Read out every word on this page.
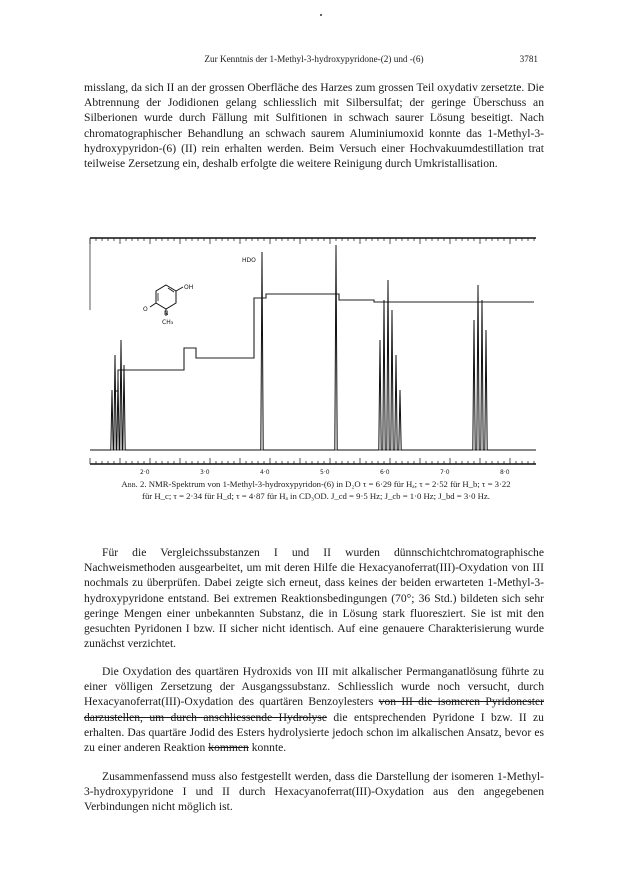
Zur Kenntnis der 1-Methyl-3-hydroxypyridone-(2) und -(6)	3781

misslang, da sich II an der grossen Oberfläche des Harzes zum grossen Teil oxydativ zersetzte. Die Abtrennung der Jodidionen gelang schliesslich mit Silbersulfat; der geringe Überschuss an Silberionen wurde durch Fällung mit Sulfitionen in schwach saurer Lösung beseitigt. Nach chromatographischer Behandlung an schwach saurem Aluminiumoxid konnte das 1-Methyl-3-hydroxypyridon-(6) (II) rein erhalten werden. Beim Versuch einer Hochvakuumdestillation trat teilweise Zersetzung ein, deshalb erfolgte die weitere Reinigung durch Umkristallisation.

OH
CH₃
N
O
HDO
2·0	3·0	4·0	5·0	6·0	7·0	8·0
Abb. 2. NMR-Spektrum von 1-Methyl-3-hydroxypyridon-(6) in D₂O τ = 6·29 für Hₐ; τ = 2·52 für H_b; τ = 3·22 für H_c; τ = 2·34 für H_d; τ = 4·87 für Hₐ in CD₃OD. J_cd = 9·5 Hz; J_cb = 1·0 Hz; J_bd = 3·0 Hz.

Für die Vergleichssubstanzen I und II wurden dünnschichtchromatographische Nachweismethoden ausgearbeitet, um mit deren Hilfe die Hexacyanoferrat(III)-Oxydation von III nochmals zu überprüfen. Dabei zeigte sich erneut, dass keines der beiden erwarteten 1-Methyl-3-hydroxypyridone entstand. Bei extremen Reaktionsbedingungen (70°; 36 Std.) bildeten sich sehr geringe Mengen einer unbekannten Substanz, die in Lösung stark fluoresziert. Sie ist mit den gesuchten Pyridonen I bzw. II sicher nicht identisch. Auf eine genauere Charakterisierung wurde zunächst verzichtet.

Die Oxydation des quartären Hydroxids von III mit alkalischer Permanganatlösung führte zu einer völligen Zersetzung der Ausgangssubstanz. Schliesslich wurde noch versucht, durch Hexacyanoferrat(III)-Oxydation des quartären Benzoylesters von III die isomeren Pyridonester darzustellen, um durch anschliessende Hydrolyse die entsprechenden Pyridone I bzw. II zu erhalten. Das quartäre Jodid des Esters hydrolysierte jedoch schon im alkalischen Ansatz, bevor es zu einer anderen Reaktion kommen konnte.

Zusammenfassend muss also festgestellt werden, dass die Darstellung der isomeren 1-Methyl-3-hydroxypyridone I und II durch Hexacyanoferrat(III)-Oxydation aus den angegebenen Verbindungen nicht möglich ist.
